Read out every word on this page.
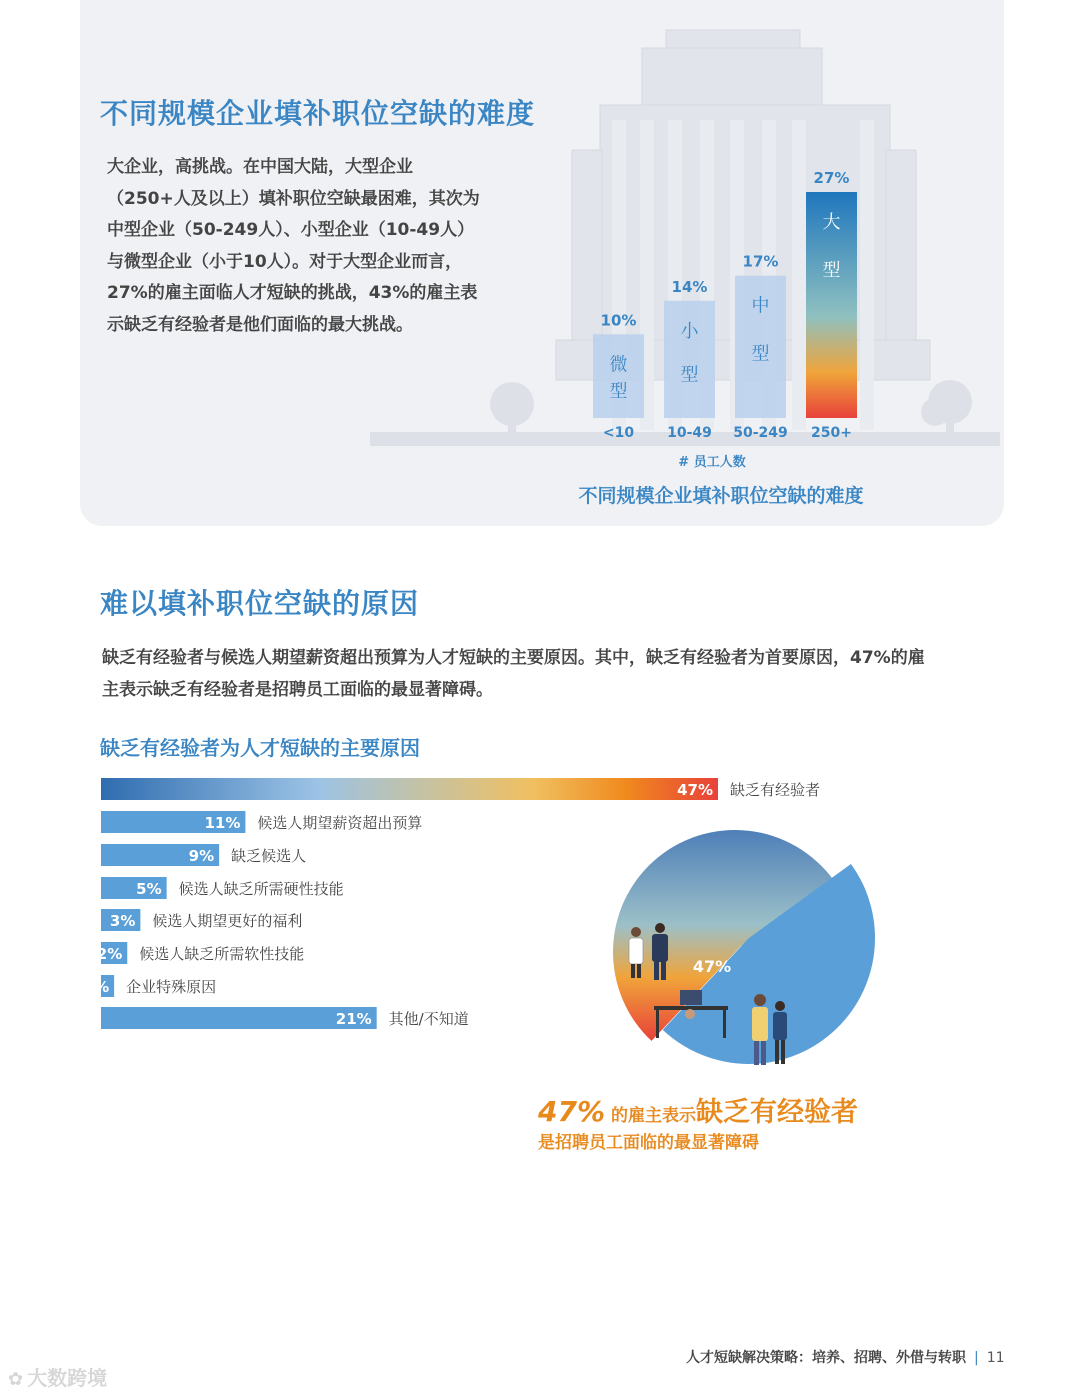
10%
微
型
<10
14%
小
型
10-49
17%
中
型
50-249
27%
大
型
250+
# 员工人数
不同规模企业填补职位空缺的难度
不同规模企业填补职位空缺的难度
大企业，高挑战。在中国大陆，大型企业（250+人及以上）填补职位空缺最困难，其次为中型企业（50-249人）、小型企业（10-49人）与微型企业（小于10人）。对于大型企业而言，27%的雇主面临人才短缺的挑战，43%的雇主表示缺乏有经验者是他们面临的最大挑战。
难以填补职位空缺的原因
缺乏有经验者与候选人期望薪资超出预算为人才短缺的主要原因。其中，缺乏有经验者为首要原因，47%的雇主表示缺乏有经验者是招聘员工面临的最显著障碍。
缺乏有经验者为人才短缺的主要原因
47% 缺乏有经验者
11% 候选人期望薪资超出预算
9% 缺乏候选人
5% 候选人缺乏所需硬性技能
3% 候选人期望更好的福利
2% 候选人缺乏所需软性技能
1% 企业特殊原因
21% 其他/不知道
47%
47% 的雇主表示缺乏有经验者
是招聘员工面临的最显著障碍
人才短缺解决策略：培养、招聘、外借与转职 | 11
✿ 大数跨境
